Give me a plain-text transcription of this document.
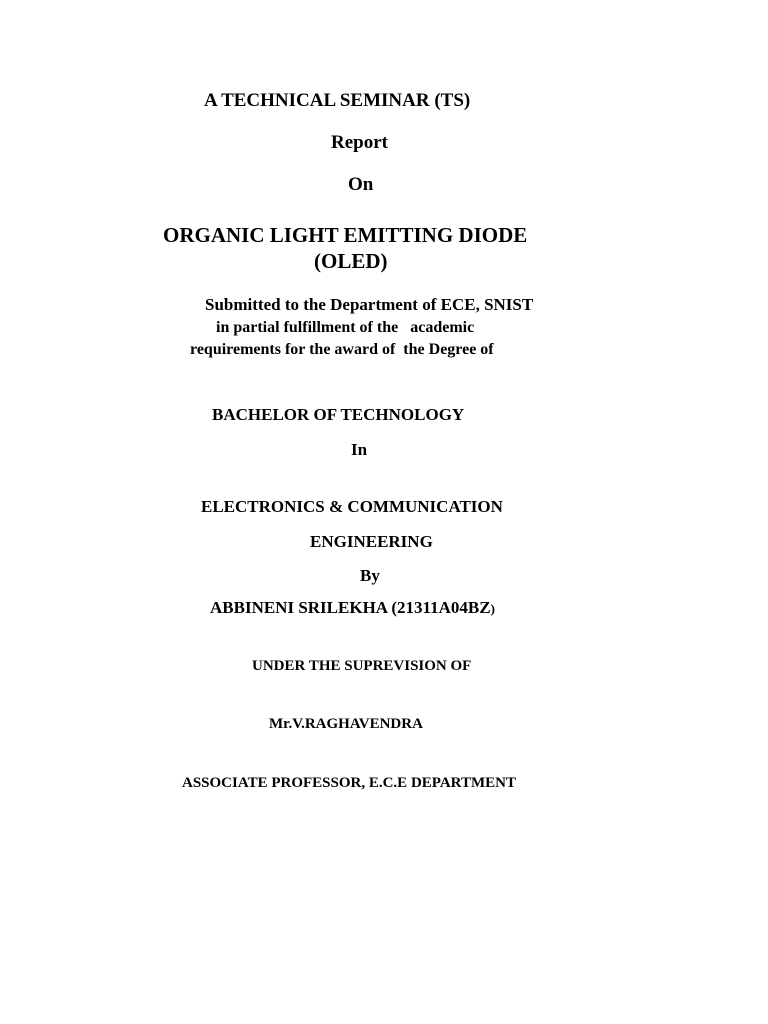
A TECHNICAL SEMINAR (TS)
Report
On
ORGANIC LIGHT EMITTING DIODE
(OLED)
Submitted to the Department of ECE, SNIST
in partial fulfillment of the   academic
requirements for the award of  the Degree of
BACHELOR OF TECHNOLOGY
In
ELECTRONICS & COMMUNICATION
ENGINEERING
By
ABBINENI SRILEKHA (21311A04BZ)
UNDER THE SUPREVISION OF
Mr.V.RAGHAVENDRA
ASSOCIATE PROFESSOR, E.C.E DEPARTMENT
